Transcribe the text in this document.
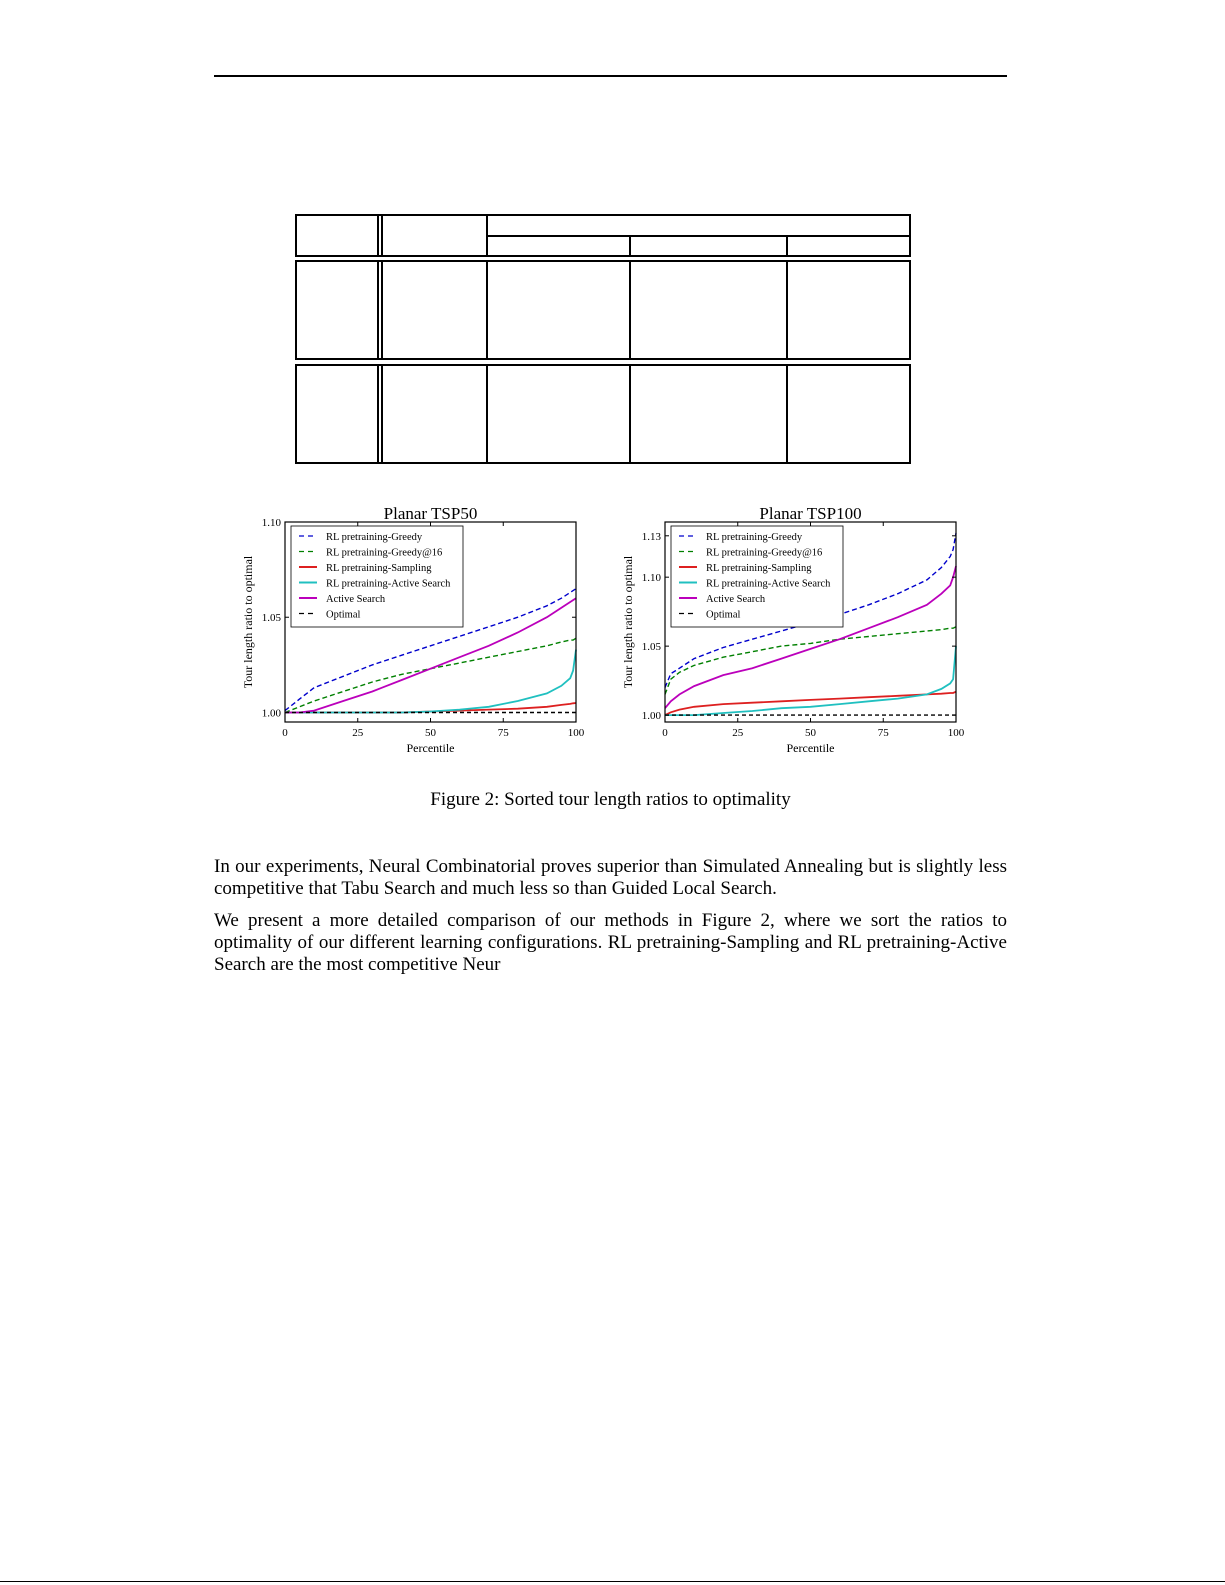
Planar TSP50
0	25	50	75	100
1.00
1.05
1.10
Percentile
Tour length ratio to optimal
RL pretraining-Greedy
RL pretraining-Greedy@16
RL pretraining-Sampling
RL pretraining-Active Search
Active Search
Optimal
Planar TSP100
0	25	50	75	100
1.00
1.05
1.10
1.13
Percentile
Tour length ratio to optimal
RL pretraining-Greedy
RL pretraining-Greedy@16
RL pretraining-Sampling
RL pretraining-Active Search
Active Search
Optimal
Figure 2: Sorted tour length ratios to optimality

In our experiments, Neural Combinatorial proves superior than Simulated Annealing but is slightly less competitive that Tabu Search and much less so than Guided Local Search.

We present a more detailed comparison of our methods in Figure 2, where we sort the ratios to optimality of our different learning configurations. RL pretraining-Sampling and RL pretraining-Active Search are the most competitive Neur
